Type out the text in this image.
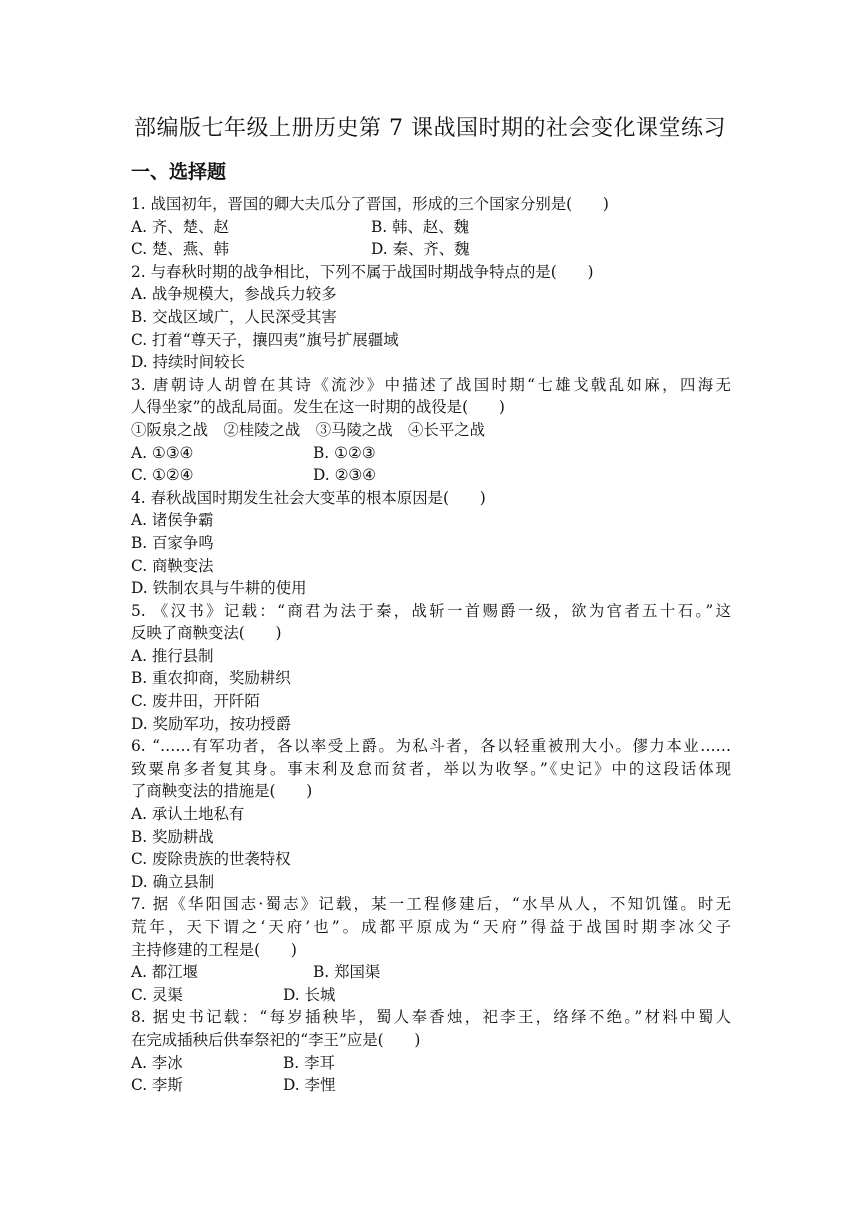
部编版七年级上册历史第 7 课战国时期的社会变化课堂练习
一、选择题
1. 战国初年，晋国的卿大夫瓜分了晋国，形成的三个国家分别是(　　)
A. 齐、楚、赵	B. 韩、赵、魏
C. 楚、燕、韩	D. 秦、齐、魏
2. 与春秋时期的战争相比，下列不属于战国时期战争特点的是(　　)
A. 战争规模大，参战兵力较多
B. 交战区域广，人民深受其害
C. 打着“尊天子，攘四夷”旗号扩展疆域
D. 持续时间较长
3. 唐朝诗人胡曾在其诗《流沙》中描述了战国时期“七雄戈戟乱如麻，四海无
人得坐家”的战乱局面。发生在这一时期的战役是(　　)
①阪泉之战　②桂陵之战　③马陵之战　④长平之战
A. ①③④	B. ①②③
C. ①②④	D. ②③④
4. 春秋战国时期发生社会大变革的根本原因是(　　)
A. 诸侯争霸
B. 百家争鸣
C. 商鞅变法
D. 铁制农具与牛耕的使用
5. 《汉书》记载：“商君为法于秦，战斩一首赐爵一级，欲为官者五十石。”这
反映了商鞅变法(　　)
A. 推行县制
B. 重农抑商，奖励耕织
C. 废井田，开阡陌
D. 奖励军功，按功授爵
6. “……有军功者，各以率受上爵。为私斗者，各以轻重被刑大小。僇力本业……
致粟帛多者复其身。事末利及怠而贫者，举以为收孥。”《史记》中的这段话体现
了商鞅变法的措施是(　　)
A. 承认土地私有
B. 奖励耕战
C. 废除贵族的世袭特权
D. 确立县制
7. 据《华阳国志·蜀志》记载，某一工程修建后，“水旱从人，不知饥馑。时无
荒年，天下谓之‘天府’也”。成都平原成为“天府”得益于战国时期李冰父子
主持修建的工程是(　　)
A. 都江堰	B. 郑国渠
C. 灵渠	D. 长城
8. 据史书记载：“每岁插秧毕，蜀人奉香烛，祀李王，络绎不绝。”材料中蜀人
在完成插秧后供奉祭祀的“李王”应是(　　)
A. 李冰	B. 李耳
C. 李斯	D. 李悝
